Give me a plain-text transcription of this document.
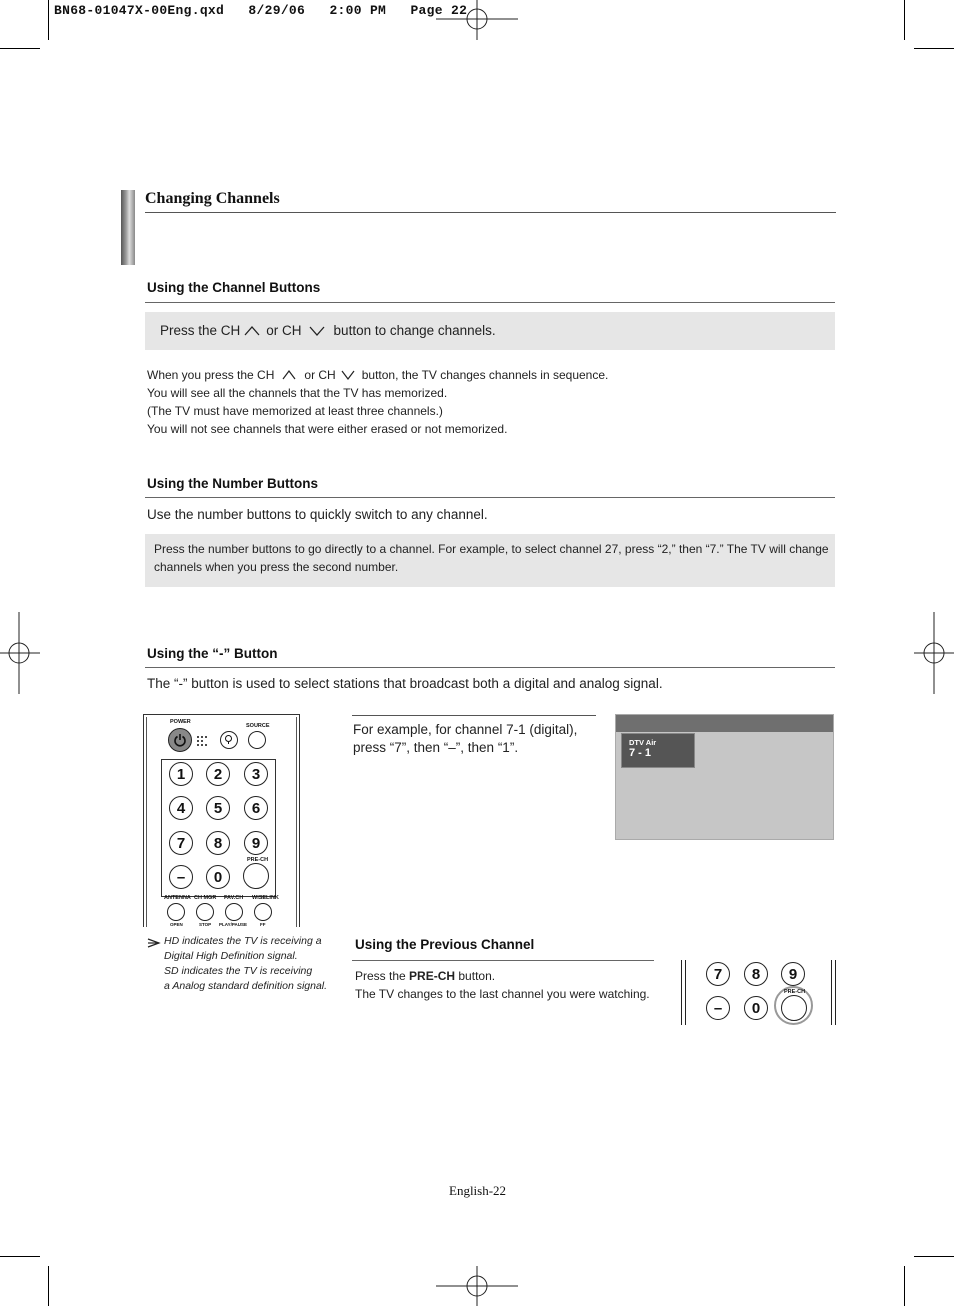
BN68-01047X-00Eng.qxd   8/29/06   2:00 PM   Page 22
Changing Channels
Using the Channel Buttons
Press the CH or CH button to change channels.
When you press the CH	or CH button, the TV changes channels in sequence.
You will see all the channels that the TV has memorized.
(The TV must have memorized at least three channels.)
You will not see channels that were either erased or not memorized.
Using the Number Buttons
Use the number buttons to quickly switch to any channel.
Press the number buttons to go directly to a channel. For example, to select channel 27, press “2,” then “7.” The TV will change
channels when you press the second number.
Using the “-” Button
The “-” button is used to select stations that broadcast both a digital and analog signal.
POWER
SOURCE
1	2	3
4	5	6
7	8	9
PRE-CH
–	0
ANTENNA CH MGR FAV.CH WISELINK
OPEN	STOP PLAY/PAUSE	FF
For example, for channel 7-1 (digital),
press “7”, then “–”, then “1”.	DTV Air
7 - 1
HD indicates the TV is receiving a
Digital High Definition signal.
SD indicates the TV is receiving
a Analog standard definition signal.
Using the Previous Channel
Press the PRE-CH button.
The TV changes to the last channel you were watching.
7	8	9
–	0
PRE-CH
English-22
